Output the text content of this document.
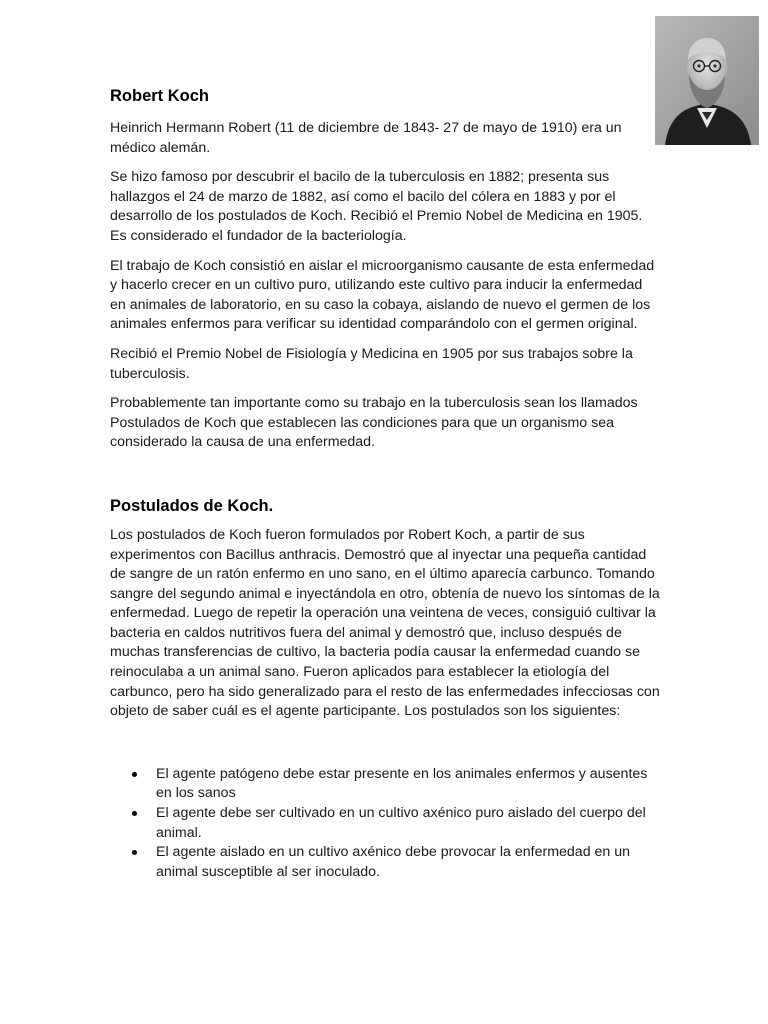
Robert Koch

Heinrich Hermann Robert (11 de diciembre de 1843- 27 de mayo de 1910) era un médico alemán.

Se hizo famoso por descubrir el bacilo de la tuberculosis en 1882; presenta sus hallazgos el 24 de marzo de 1882, así como el bacilo del cólera en 1883 y por el desarrollo de los postulados de Koch. Recibió el Premio Nobel de Medicina en 1905. Es considerado el fundador de la bacteriología.

El trabajo de Koch consistió en aislar el microorganismo causante de esta enfermedad y hacerlo crecer en un cultivo puro, utilizando este cultivo para inducir la enfermedad en animales de laboratorio, en su caso la cobaya, aislando de nuevo el germen de los animales enfermos para verificar su identidad comparándolo con el germen original.

Recibió el Premio Nobel de Fisiología y Medicina en 1905 por sus trabajos sobre la tuberculosis.

Probablemente tan importante como su trabajo en la tuberculosis sean los llamados Postulados de Koch que establecen las condiciones para que un organismo sea considerado la causa de una enfermedad.

Postulados de Koch.

Los postulados de Koch fueron formulados por Robert Koch, a partir de sus experimentos con Bacillus anthracis. Demostró que al inyectar una pequeña cantidad de sangre de un ratón enfermo en uno sano, en el último aparecía carbunco. Tomando sangre del segundo animal e inyectándola en otro, obtenía de nuevo los síntomas de la enfermedad. Luego de repetir la operación una veintena de veces, consiguió cultivar la bacteria en caldos nutritivos fuera del animal y demostró que, incluso después de muchas transferencias de cultivo, la bacteria podía causar la enfermedad cuando se reinoculaba a un animal sano. Fueron aplicados para establecer la etiología del carbunco, pero ha sido generalizado para el resto de las enfermedades infecciosas con objeto de saber cuál es el agente participante. Los postulados son los siguientes:

El agente patógeno debe estar presente en los animales enfermos y ausentes en los sanos
El agente debe ser cultivado en un cultivo axénico puro aislado del cuerpo del animal.
El agente aislado en un cultivo axénico debe provocar la enfermedad en un animal susceptible al ser inoculado.
